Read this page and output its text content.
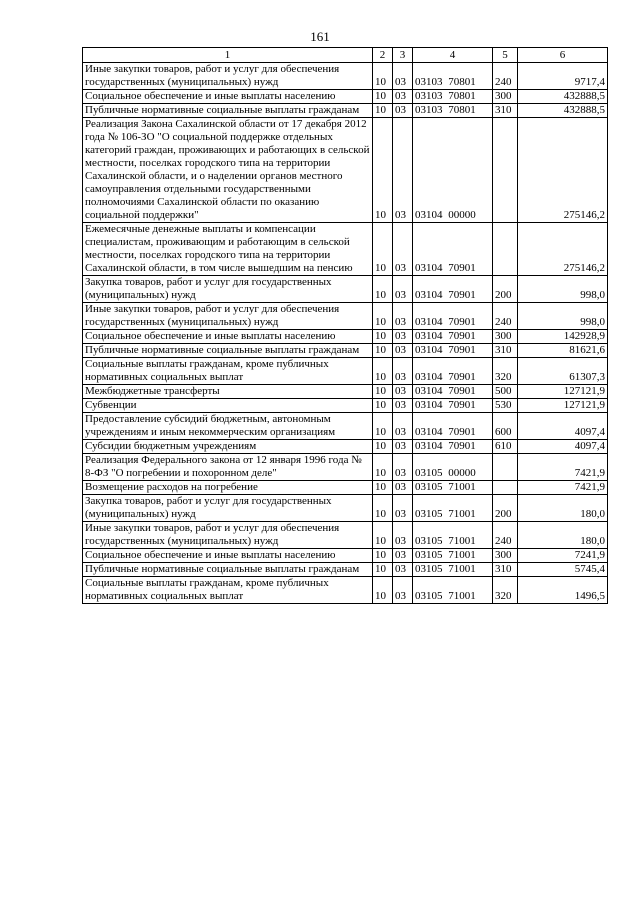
161
1	2	3	4	5	6
Иные закупки товаров, работ и услуг для обеспечения государственных (муниципальных) нужд	10	03	03103 70801	240	9717,4
Социальное обеспечение и иные выплаты населению	10	03	03103 70801	300	432888,5
Публичные нормативные социальные выплаты гражданам	10	03	03103 70801	310	432888,5
Реализация Закона Сахалинской области от 17 декабря 2012 года № 106-ЗО "О социальной поддержке отдельных категорий граждан, проживающих и работающих в сельской местности, поселках городского типа на территории Сахалинской области, и о наделении органов местного самоуправления отдельными государственными полномочиями Сахалинской области по оказанию социальной поддержки"	10	03	03104 00000		275146,2
Ежемесячные денежные выплаты и компенсации специалистам, проживающим и работающим в сельской местности, поселках городского типа на территории Сахалинской области, в том числе вышедшим на пенсию	10	03	03104 70901		275146,2
Закупка товаров, работ и услуг для государственных (муниципальных) нужд	10	03	03104 70901	200	998,0
Иные закупки товаров, работ и услуг для обеспечения государственных (муниципальных) нужд	10	03	03104 70901	240	998,0
Социальное обеспечение и иные выплаты населению	10	03	03104 70901	300	142928,9
Публичные нормативные социальные выплаты гражданам	10	03	03104 70901	310	81621,6
Социальные выплаты гражданам, кроме публичных нормативных социальных выплат	10	03	03104 70901	320	61307,3
Межбюджетные трансферты	10	03	03104 70901	500	127121,9
Субвенции	10	03	03104 70901	530	127121,9
Предоставление субсидий бюджетным, автономным учреждениям и иным некоммерческим организациям	10	03	03104 70901	600	4097,4
Субсидии бюджетным учреждениям	10	03	03104 70901	610	4097,4
Реализация Федерального закона от 12 января 1996 года № 8-ФЗ "О погребении и похоронном деле"	10	03	03105 00000		7421,9
Возмещение расходов на погребение	10	03	03105 71001		7421,9
Закупка товаров, работ и услуг для государственных (муниципальных) нужд	10	03	03105 71001	200	180,0
Иные закупки товаров, работ и услуг для обеспечения государственных (муниципальных) нужд	10	03	03105 71001	240	180,0
Социальное обеспечение и иные выплаты населению	10	03	03105 71001	300	7241,9
Публичные нормативные социальные выплаты гражданам	10	03	03105 71001	310	5745,4
Социальные выплаты гражданам, кроме публичных нормативных социальных выплат	10	03	03105 71001	320	1496,5
